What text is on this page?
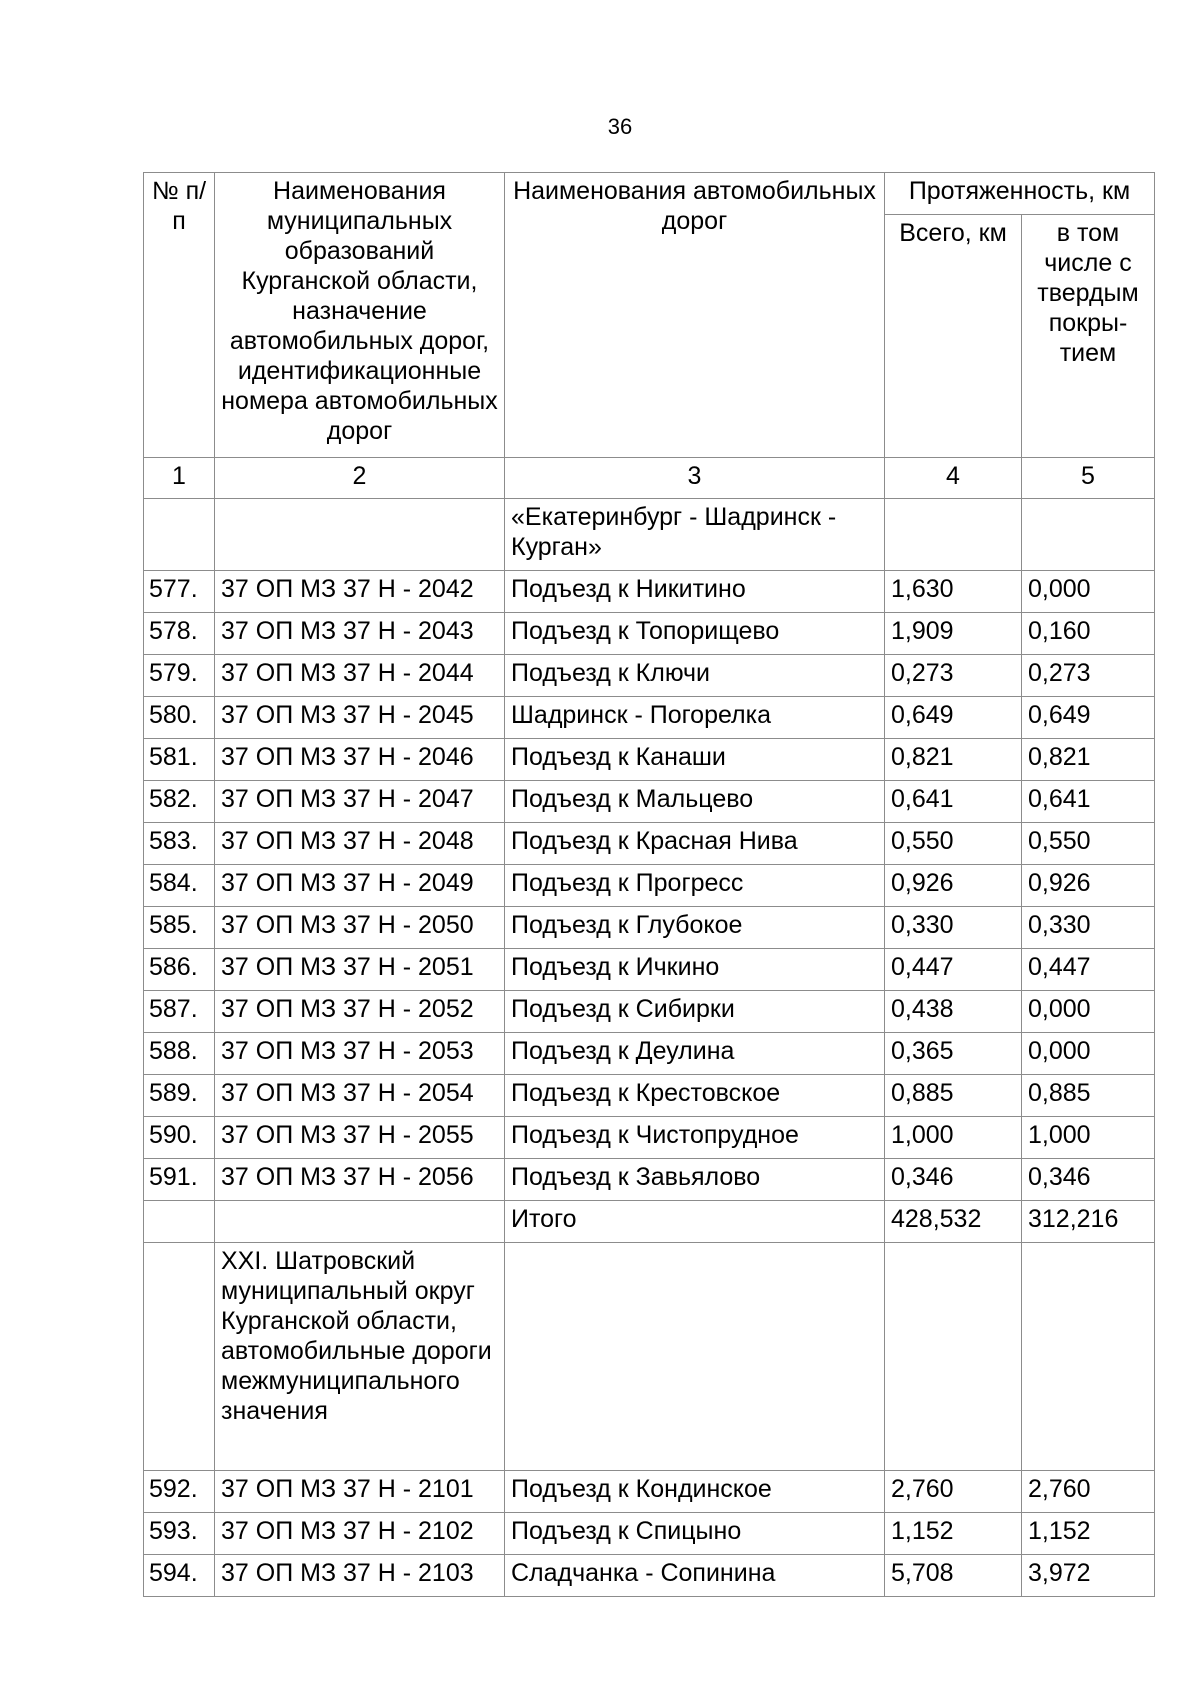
36
№ п/п	Наименования муниципальных образований Курганской области, назначение автомобильных дорог, идентификационные номера автомобильных дорог	Наименования автомобильных дорог	Протяженность, км	
			Всего, км	в том числе с твердым покры-тием
1	2	3	4	5
		«Екатеринбург - Шадринск - Курган»		
577.	37 ОП МЗ 37 Н - 2042	Подъезд к Никитино	1,630	0,000
578.	37 ОП МЗ 37 Н - 2043	Подъезд к Топорищево	1,909	0,160
579.	37 ОП МЗ 37 Н - 2044	Подъезд к Ключи	0,273	0,273
580.	37 ОП МЗ 37 Н - 2045	Шадринск - Погорелка	0,649	0,649
581.	37 ОП МЗ 37 Н - 2046	Подъезд к Канаши	0,821	0,821
582.	37 ОП МЗ 37 Н - 2047	Подъезд к Мальцево	0,641	0,641
583.	37 ОП МЗ 37 Н - 2048	Подъезд к Красная Нива	0,550	0,550
584.	37 ОП МЗ 37 Н - 2049	Подъезд к Прогресс	0,926	0,926
585.	37 ОП МЗ 37 Н - 2050	Подъезд к Глубокое	0,330	0,330
586.	37 ОП МЗ 37 Н - 2051	Подъезд к Ичкино	0,447	0,447
587.	37 ОП МЗ 37 Н - 2052	Подъезд к Сибирки	0,438	0,000
588.	37 ОП МЗ 37 Н - 2053	Подъезд к Деулина	0,365	0,000
589.	37 ОП МЗ 37 Н - 2054	Подъезд к Крестовское	0,885	0,885
590.	37 ОП МЗ 37 Н - 2055	Подъезд к Чистопрудное	1,000	1,000
591.	37 ОП МЗ 37 Н - 2056	Подъезд к Завьялово	0,346	0,346
		Итого	428,532	312,216
	XXI. Шатровский муниципальный округ Курганской области, автомобильные дороги межмуниципального значения			
592.	37 ОП МЗ 37 Н - 2101	Подъезд к Кондинское	2,760	2,760
593.	37 ОП МЗ 37 Н - 2102	Подъезд к Спицыно	1,152	1,152
594.	37 ОП МЗ 37 Н - 2103	Сладчанка - Сопинина	5,708	3,972
